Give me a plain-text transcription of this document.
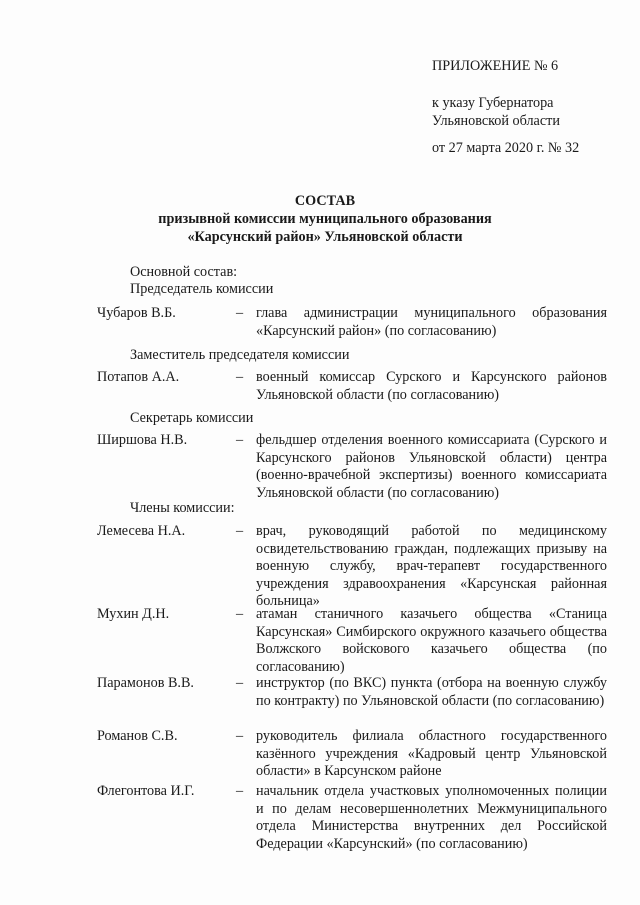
ПРИЛОЖЕНИЕ № 6
к указу Губернатора
Ульяновской области
от 27 марта 2020 г. № 32
СОСТАВ
призывной комиссии муниципального образования
«Карсунский район» Ульяновской области
Основной состав:
Председатель комиссии
Чубаров В.Б.	– глава администрации муниципального образования «Карсунский район» (по согласованию)
Заместитель председателя комиссии
Потапов А.А.	– военный комиссар Сурского и Карсунского районов Ульяновской области (по согласованию)
Секретарь комиссии
Ширшова Н.В.	– фельдшер отделения военного комиссариата (Сурского и Карсунского районов Ульяновской области) центра (военно-врачебной экспертизы) военного комиссариата Ульяновской области (по согласованию)
Члены комиссии:
Лемесева Н.А.	– врач, руководящий работой по медицинскому освидетельствованию граждан, подлежащих призыву на военную службу, врач-терапевт государственного учреждения здравоохранения «Карсунская районная больница»
Мухин Д.Н.	– атаман станичного казачьего общества «Станица Карсунская» Симбирского окружного казачьего общества Волжского войскового казачьего общества (по согласованию)
Парамонов В.В.	– инструктор (по ВКС) пункта (отбора на военную службу по контракту) по Ульяновской области (по согласованию)
Романов С.В.	– руководитель филиала областного государственного казённого учреждения «Кадровый центр Ульяновской области» в Карсунском районе
Флегонтова И.Г.	– начальник отдела участковых уполномоченных полиции и по делам несовершеннолетних Межмуниципального отдела Министерства внутренних дел Российской Федерации «Карсунский» (по согласованию)
